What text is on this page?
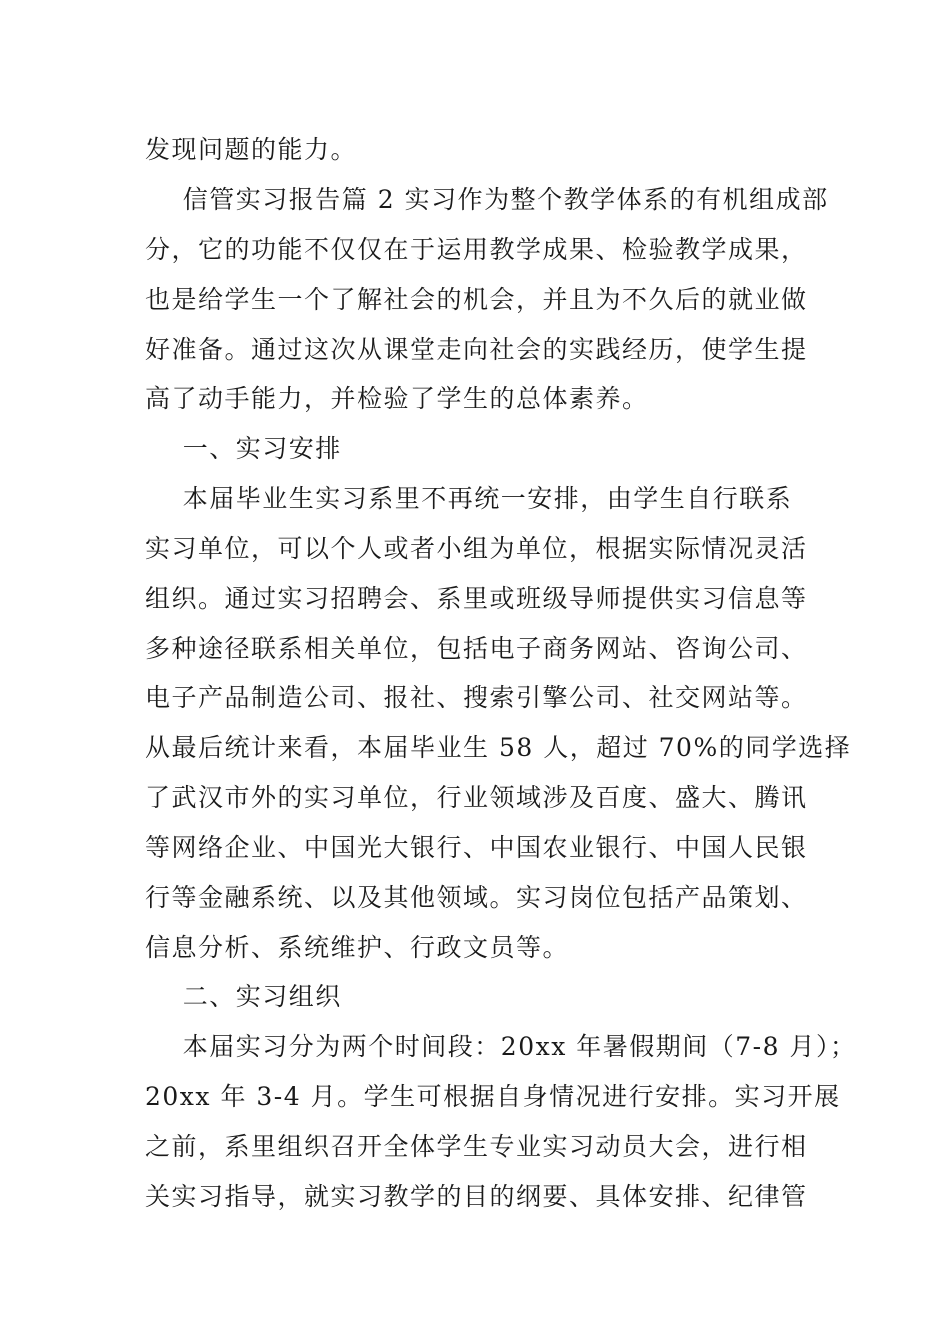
发现问题的能力。
信管实习报告篇 2 实习作为整个教学体系的有机组成部
分，它的功能不仅仅在于运用教学成果、检验教学成果，
也是给学生一个了解社会的机会，并且为不久后的就业做
好准备。通过这次从课堂走向社会的实践经历，使学生提
高了动手能力，并检验了学生的总体素养。
一、实习安排
本届毕业生实习系里不再统一安排，由学生自行联系
实习单位，可以个人或者小组为单位，根据实际情况灵活
组织。通过实习招聘会、系里或班级导师提供实习信息等
多种途径联系相关单位，包括电子商务网站、咨询公司、
电子产品制造公司、报社、搜索引擎公司、社交网站等。
从最后统计来看，本届毕业生 58 人，超过 70%的同学选择
了武汉市外的实习单位，行业领域涉及百度、盛大、腾讯
等网络企业、中国光大银行、中国农业银行、中国人民银
行等金融系统、以及其他领域。实习岗位包括产品策划、
信息分析、系统维护、行政文员等。
二、实习组织
本届实习分为两个时间段：20xx 年暑假期间（7-8 月）；
20xx 年 3-4 月。学生可根据自身情况进行安排。实习开展
之前，系里组织召开全体学生专业实习动员大会，进行相
关实习指导，就实习教学的目的纲要、具体安排、纪律管
